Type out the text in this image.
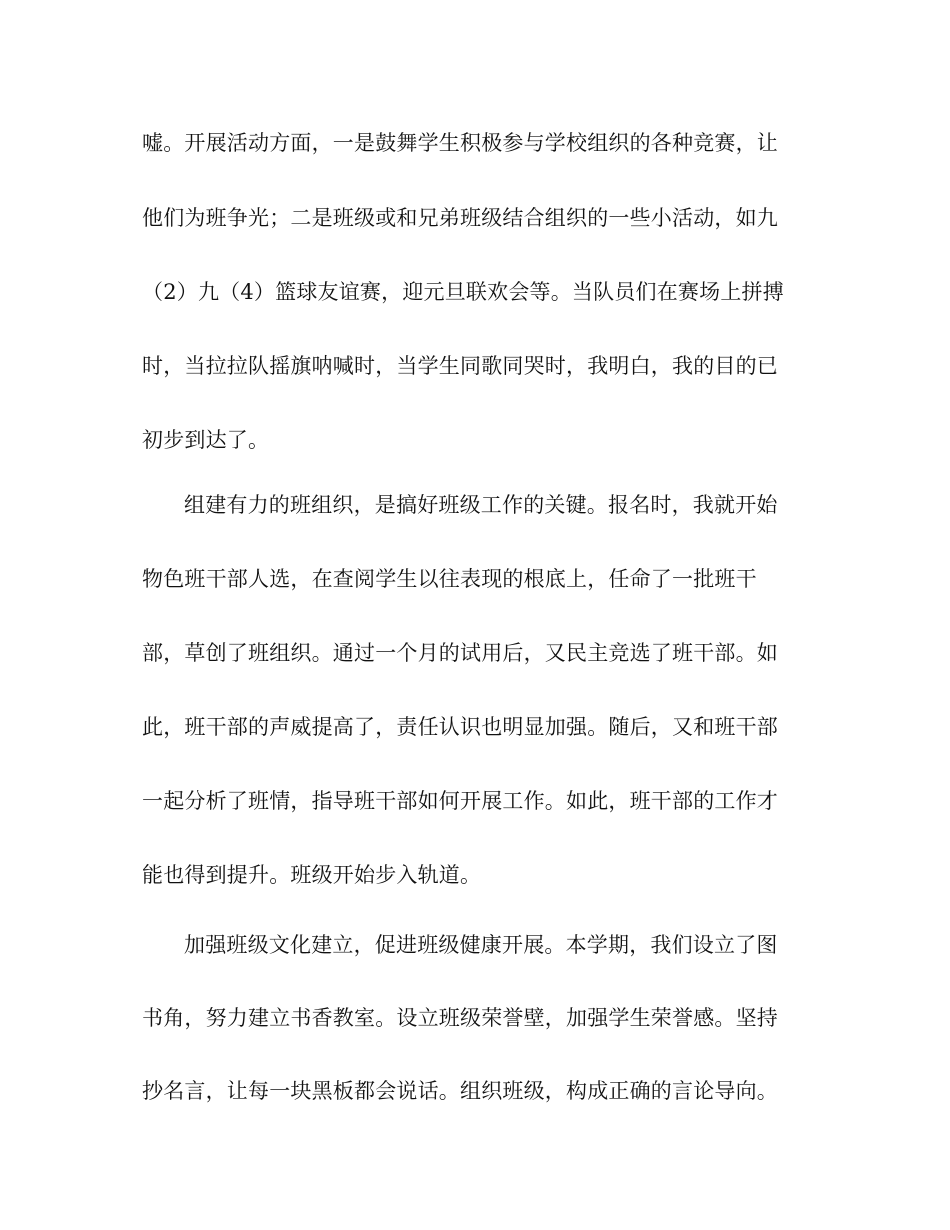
嘘。开展活动方面，一是鼓舞学生积极参与学校组织的各种竞赛，让

他们为班争光；二是班级或和兄弟班级结合组织的一些小活动，如九

（2）九（4）篮球友谊赛，迎元旦联欢会等。当队员们在赛场上拼搏

时，当拉拉队摇旗呐喊时，当学生同歌同哭时，我明白，我的目的已

初步到达了。

组建有力的班组织，是搞好班级工作的关键。报名时，我就开始

物色班干部人选，在查阅学生以往表现的根底上，任命了一批班干

部，草创了班组织。通过一个月的试用后，又民主竞选了班干部。如

此，班干部的声威提高了，责任认识也明显加强。随后，又和班干部

一起分析了班情，指导班干部如何开展工作。如此，班干部的工作才

能也得到提升。班级开始步入轨道。

加强班级文化建立，促进班级健康开展。本学期，我们设立了图

书角，努力建立书香教室。设立班级荣誉壁，加强学生荣誉感。坚持

抄名言，让每一块黑板都会说话。组织班级，构成正确的言论导向。
